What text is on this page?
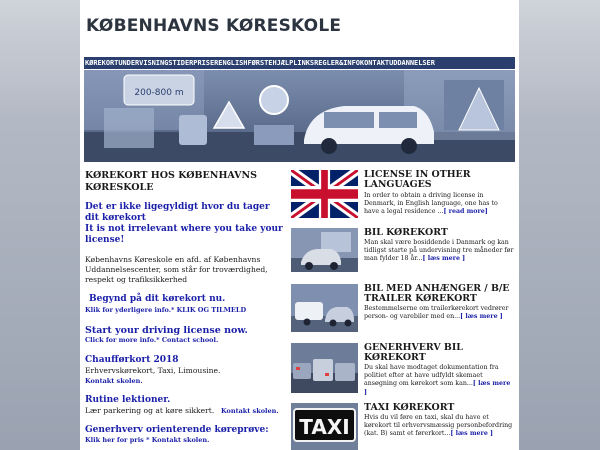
KØBENHAVNS KØRESKOLE
KØREKORTUNDERVISNINGSTIDERPRISERENGLISHFØRSTEHJÆLPLINKSREGLER&INFOKONTAKTUDDANNELSER
200-800 m
KØREKORT HOS KØBENHAVNS KØRESKOLE
Det er ikke ligegyldigt hvor du tager dit kørekort
It is not irrelevant where you take your license!
Københavns Køreskole en afd. af Københavns Uddannelsescenter, som står for troværdighed, respekt og trafiksikkerhed
Begynd på dit kørekort nu.
Klik for yderligere info.* KLIK OG TILMELD
Start your driving license now.
Click for more info.* Contact school.
Chaufførkort 2018
Erhvervskørekort, Taxi, Limousine.
Kontakt skolen.
Rutine lektioner.
Lær parkering og at køre sikkert.	Kontakt skolen.
Generhverv orienterende køreprøve:
Klik her for pris * Kontakt skolen.
LICENSE IN OTHER LANGUAGES
In order to obtain a driving license in Denmark, in English language, one has to have a legal residence ...[ read more]
BIL KØREKORT
Man skal være bosiddende i Danmark og kan tidligst starte på undervisning tre måneder før man fylder 18 år...[ læs mere ]
BIL MED ANHÆNGER / B/E TRAILER KØREKORT
Bestemmelserne om trailerkørekort vedrører person- og varebiler med en...[ læs mere ]
GENERHVERV BIL KØREKORT
Du skal have modtaget dokumentation fra politiet efter at have udfyldt skemaet ansøgning om kørekort som kan...[ læs mere ]
TAXI
TAXI KØREKORT
Hvis du vil føre en taxi, skal du have et kørekort til erhvervsmæssig personbefordring (kat. B) samt et førerkort...[ læs mere ]
